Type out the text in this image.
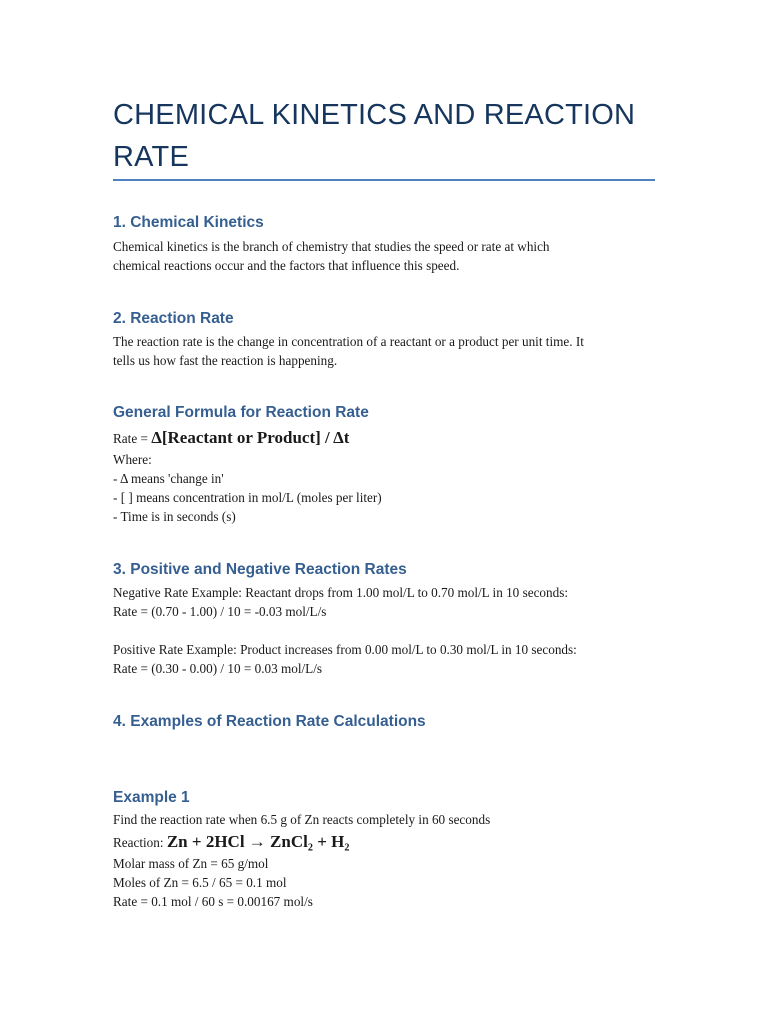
CHEMICAL KINETICS AND REACTION RATE
1. Chemical Kinetics

Chemical kinetics is the branch of chemistry that studies the speed or rate at which

chemical reactions occur and the factors that influence this speed.

2. Reaction Rate

The reaction rate is the change in concentration of a reactant or a product per unit time. It

tells us how fast the reaction is happening.

General Formula for Reaction Rate

Rate = Δ[Reactant or Product] / Δt

Where:

- Δ means 'change in'

- [ ] means concentration in mol/L (moles per liter)

- Time is in seconds (s)

3. Positive and Negative Reaction Rates

Negative Rate Example: Reactant drops from 1.00 mol/L to 0.70 mol/L in 10 seconds:

Rate = (0.70 - 1.00) / 10 = -0.03 mol/L/s

Positive Rate Example: Product increases from 0.00 mol/L to 0.30 mol/L in 10 seconds:

Rate = (0.30 - 0.00) / 10 = 0.03 mol/L/s

4. Examples of Reaction Rate Calculations
Example 1

Find the reaction rate when 6.5 g of Zn reacts completely in 60 seconds

Reaction: Zn + 2HCl → ZnCl₂ + H₂

Molar mass of Zn = 65 g/mol

Moles of Zn = 6.5 / 65 = 0.1 mol

Rate = 0.1 mol / 60 s = 0.00167 mol/s
